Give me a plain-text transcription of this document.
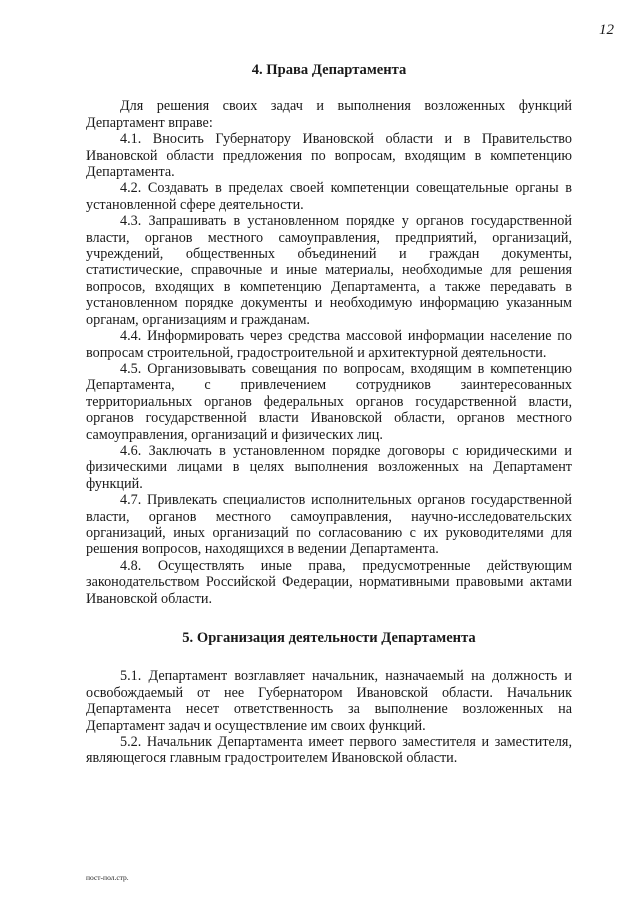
12
4. Права Департамента

Для решения своих задач и выполнения возложенных функций Департамент вправе:

4.1. Вносить Губернатору Ивановской области и в Правительство Ивановской области предложения по вопросам, входящим в компетенцию Департамента.

4.2. Создавать в пределах своей компетенции совещательные органы в установленной сфере деятельности.

4.3. Запрашивать в установленном порядке у органов государственной власти, органов местного самоуправления, предприятий, организаций, учреждений, общественных объединений и граждан документы, статистические, справочные и иные материалы, необходимые для решения вопросов, входящих в компетенцию Департамента, а также передавать в установленном порядке документы и необходимую информацию указанным органам, организациям и гражданам.

4.4. Информировать через средства массовой информации население по вопросам строительной, градостроительной и архитектурной деятельности.

4.5. Организовывать совещания по вопросам, входящим в компетенцию Департамента, с привлечением сотрудников заинтересованных территориальных органов федеральных органов государственной власти, органов государственной власти Ивановской области, органов местного самоуправления, организаций и физических лиц.

4.6. Заключать в установленном порядке договоры с юридическими и физическими лицами в целях выполнения возложенных на Департамент функций.

4.7. Привлекать специалистов исполнительных органов государственной власти, органов местного самоуправления, научно-исследовательских организаций, иных организаций по согласованию с их руководителями для решения вопросов, находящихся в ведении Департамента.

4.8. Осуществлять иные права, предусмотренные действующим законодательством Российской Федерации, нормативными правовыми актами Ивановской области.

5. Организация деятельности Департамента

5.1. Департамент возглавляет начальник, назначаемый на должность и освобождаемый от нее Губернатором Ивановской области. Начальник Департамента несет ответственность за выполнение возложенных на Департамент задач и осуществление им своих функций.

5.2. Начальник Департамента имеет первого заместителя и заместителя, являющегося главным градостроителем Ивановской области.

пост-пол.стр.
